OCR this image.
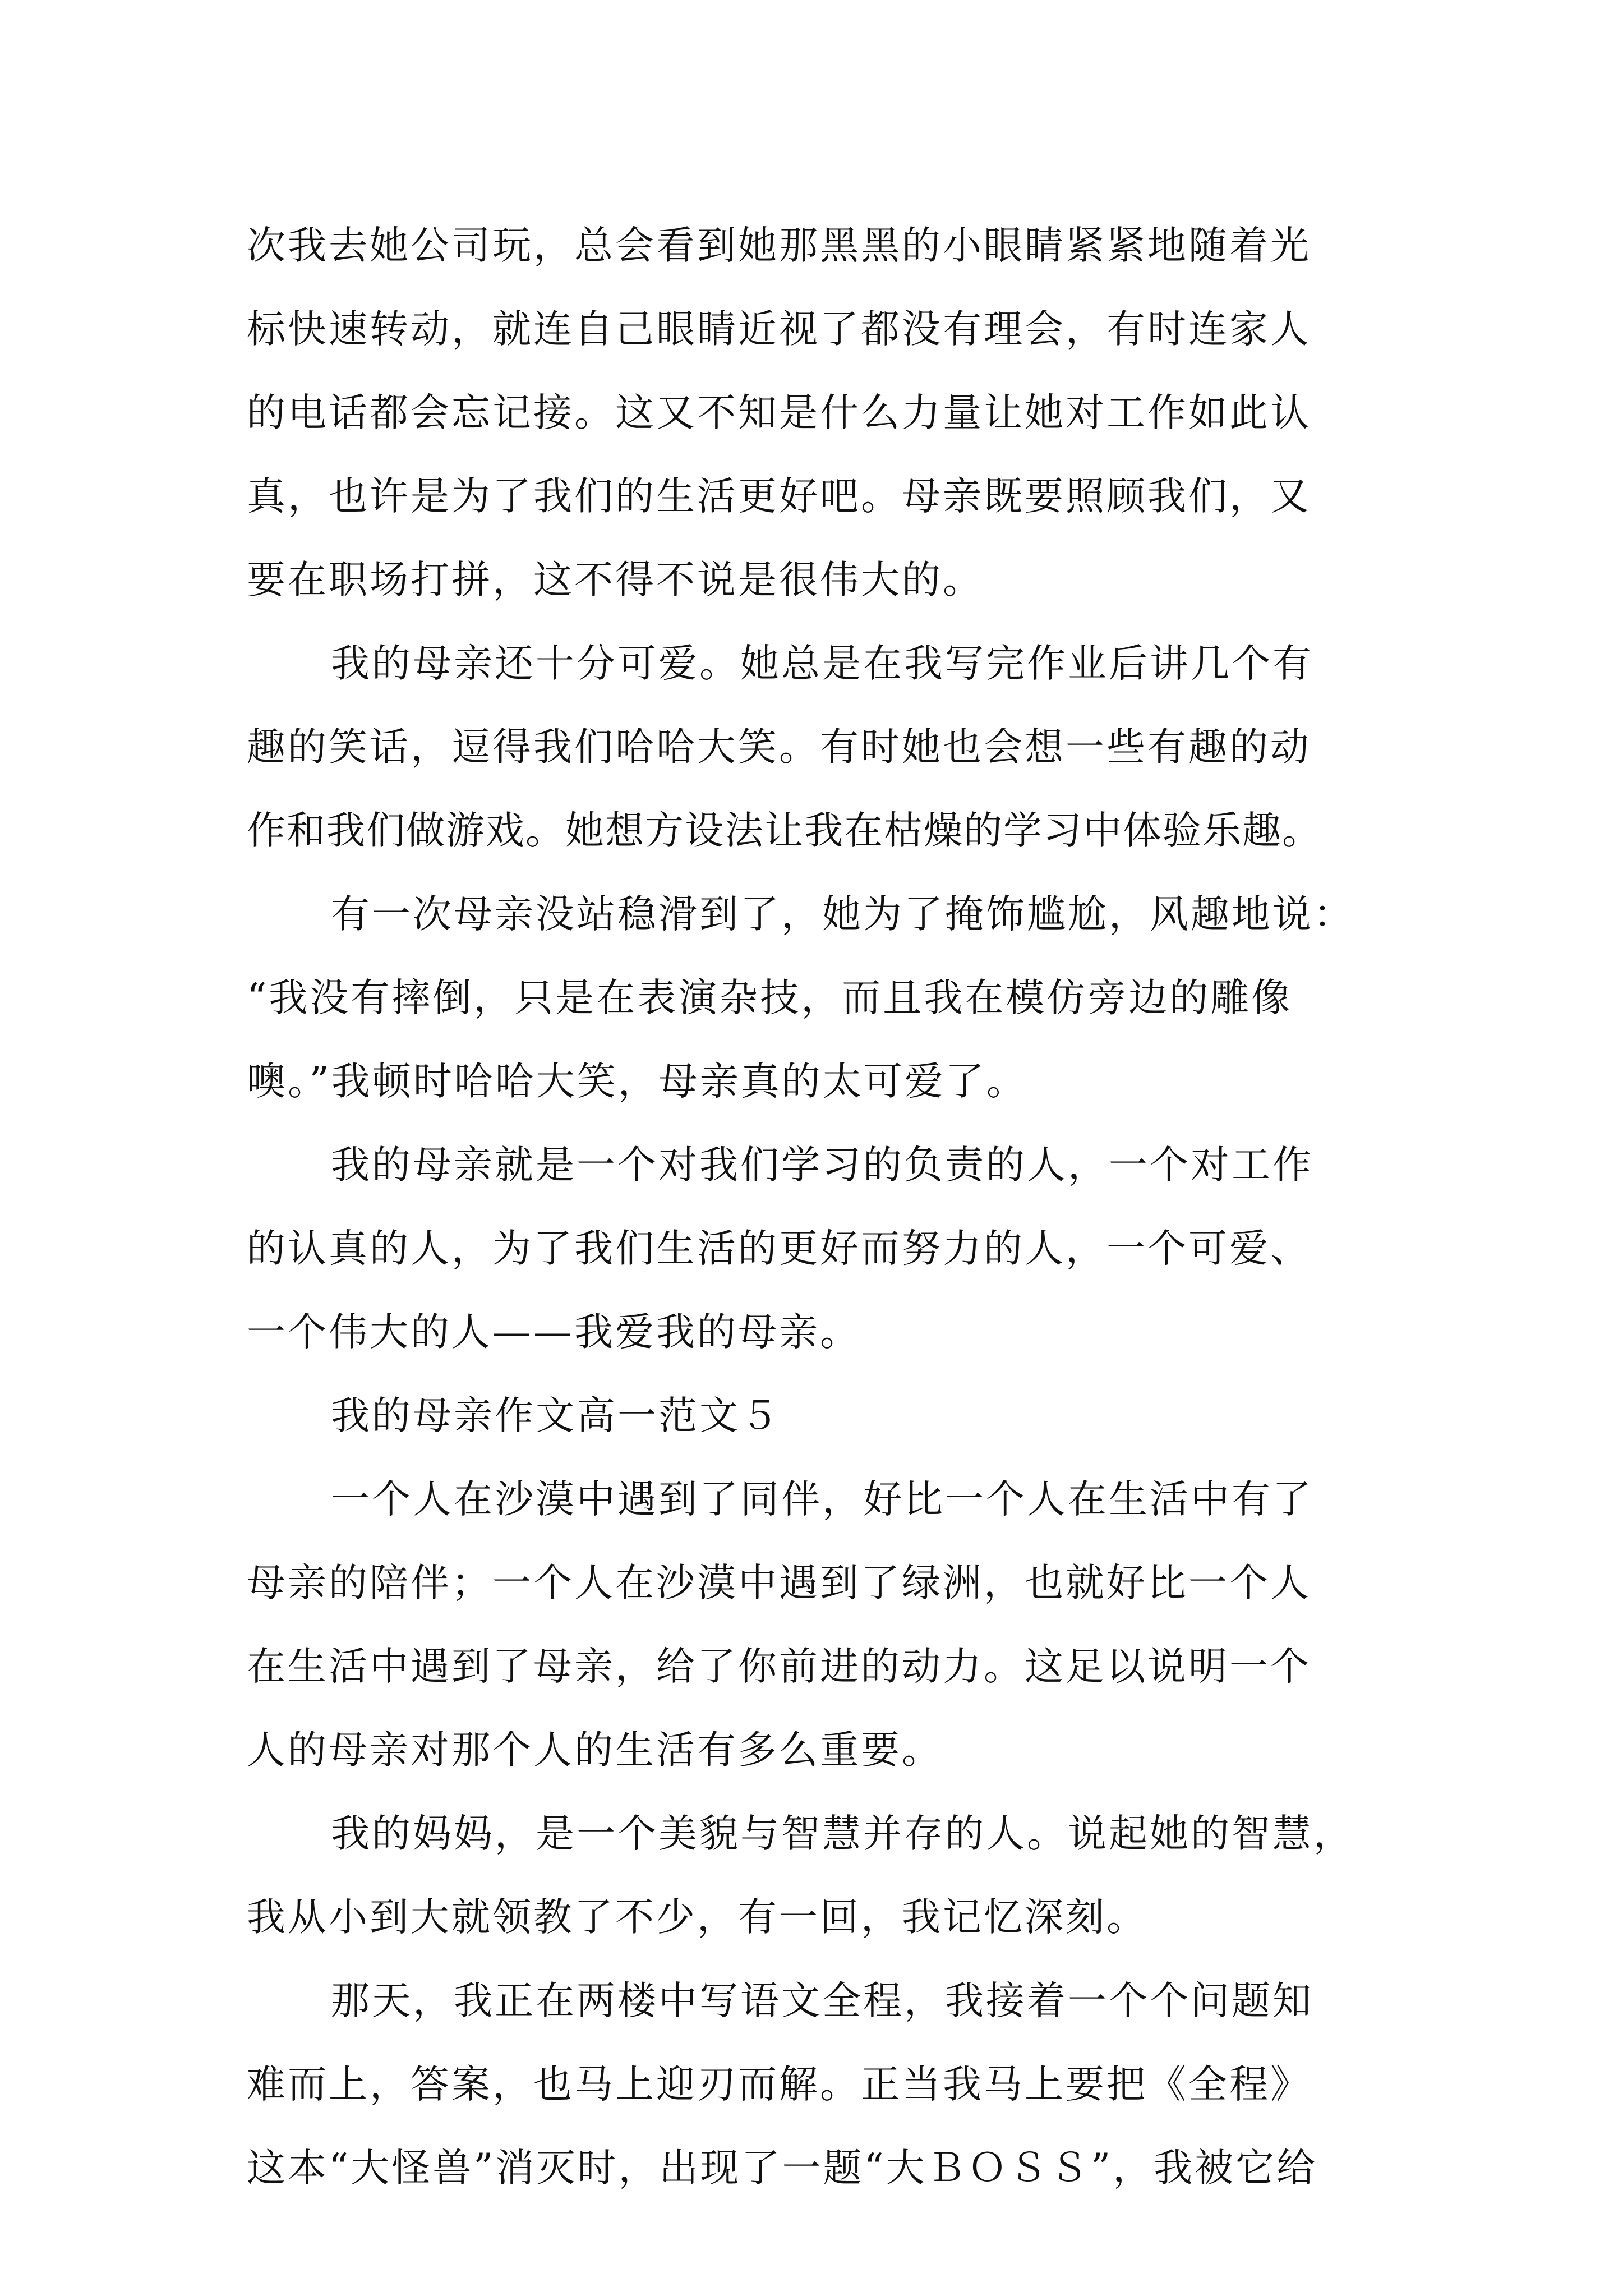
次我去她公司玩，总会看到她那黑黑的小眼睛紧紧地随着光
标快速转动，就连自己眼睛近视了都没有理会，有时连家人
的电话都会忘记接。这又不知是什么力量让她对工作如此认
真，也许是为了我们的生活更好吧。母亲既要照顾我们，又
要在职场打拼，这不得不说是很伟大的。
我的母亲还十分可爱。她总是在我写完作业后讲几个有
趣的笑话，逗得我们哈哈大笑。有时她也会想一些有趣的动
作和我们做游戏。她想方设法让我在枯燥的学习中体验乐趣。
有一次母亲没站稳滑到了，她为了掩饰尴尬，风趣地说：
“我没有摔倒，只是在表演杂技，而且我在模仿旁边的雕像
噢。”我顿时哈哈大笑，母亲真的太可爱了。
我的母亲就是一个对我们学习的负责的人，一个对工作
的认真的人，为了我们生活的更好而努力的人，一个可爱、
一个伟大的人——我爱我的母亲。
我的母亲作文高一范文５
一个人在沙漠中遇到了同伴，好比一个人在生活中有了
母亲的陪伴；一个人在沙漠中遇到了绿洲，也就好比一个人
在生活中遇到了母亲，给了你前进的动力。这足以说明一个
人的母亲对那个人的生活有多么重要。
我的妈妈，是一个美貌与智慧并存的人。说起她的智慧，
我从小到大就领教了不少，有一回，我记忆深刻。
那天，我正在两楼中写语文全程，我接着一个个问题知
难而上，答案，也马上迎刃而解。正当我马上要把《全程》
这本“大怪兽”消灭时，出现了一题“大ＢＯＳＳ”，我被它给
